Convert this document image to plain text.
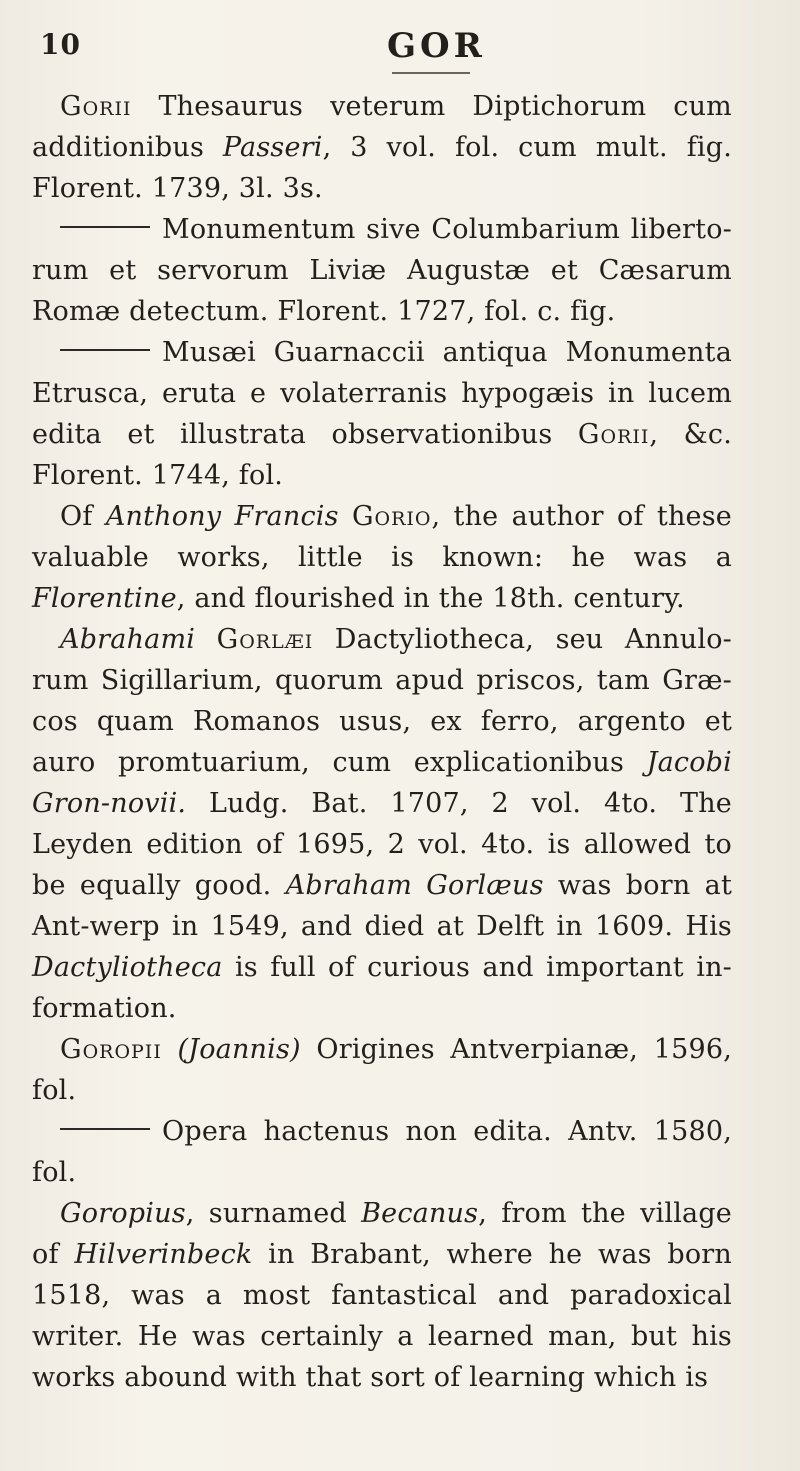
10	GOR

Gorii Thesaurus veterum Diptichorum cum additionibus Passeri, 3 vol. fol. cum mult. fig. Florent. 1739, 3l. 3s.

Monumentum sive Columbarium liberto-rum et servorum Liviæ Augustæ et Cæsarum Romæ detectum. Florent. 1727, fol. c. fig.

Musæi Guarnaccii antiqua Monumenta Etrusca, eruta e volaterranis hypogæis in lucem edita et illustrata observationibus Gorii, &c. Florent. 1744, fol.

Of Anthony Francis Gorio, the author of these valuable works, little is known: he was a Florentine, and flourished in the 18th. century.

Abrahami Gorlæi Dactyliotheca, seu Annulo-rum Sigillarium, quorum apud priscos, tam Græ-cos quam Romanos usus, ex ferro, argento et auro promtuarium, cum explicationibus Jacobi Gron-novii. Ludg. Bat. 1707, 2 vol. 4to. The Leyden edition of 1695, 2 vol. 4to. is allowed to be equally good. Abraham Gorlæus was born at Ant-werp in 1549, and died at Delft in 1609. His Dactyliotheca is full of curious and important in-formation.

Goropii (Joannis) Origines Antverpianæ, 1596, fol.

Opera hactenus non edita. Antv. 1580, fol.

Goropius, surnamed Becanus, from the village of Hilverinbeck in Brabant, where he was born 1518, was a most fantastical and paradoxical writer. He was certainly a learned man, but his works abound with that sort of learning which is
